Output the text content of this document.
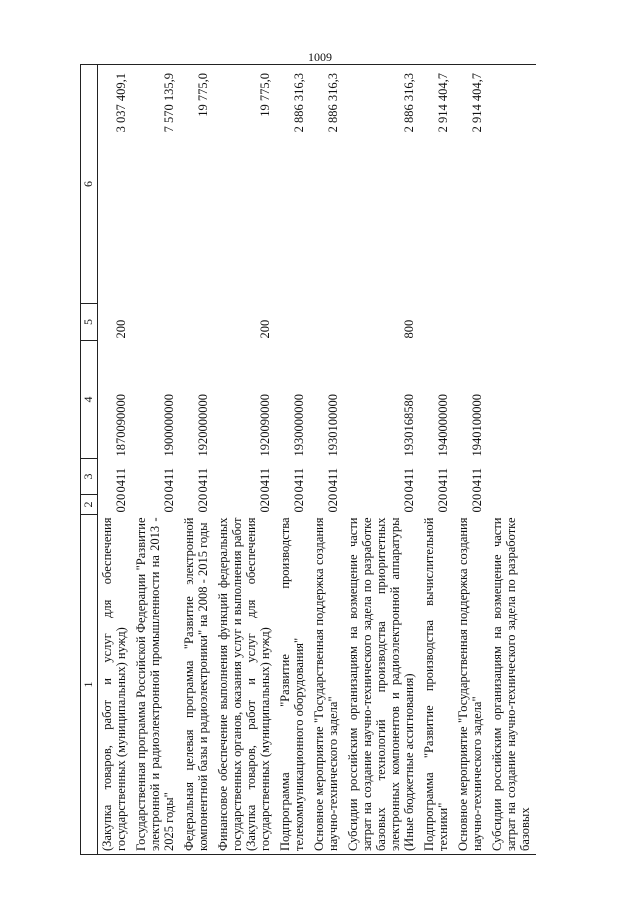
1009
1	2	3	4	5	6
(Закупка товаров, работ и услуг для обеспечения государственных (муниципальных) нужд)	020	0411	1870090000	200	3 037 409,1
Государственная программа Российской Федерации "Развитие электронной и радиоэлектронной промышленности на 2013 - 2025 годы"	020	0411	1900000000		7 570 135,9
Федеральная целевая программа "Развитие электронной компонентной базы и радиоэлектроники" на 2008 - 2015 годы	020	0411	1920000000		19 775,0
Финансовое обеспечение выполнения функций федеральных государственных органов, оказания услуг и выполнения работ (Закупка товаров, работ и услуг для обеспечения государственных (муниципальных) нужд)	020	0411	1920090000	200	19 775,0
Подпрограмма "Развитие производства телекоммуникационного оборудования"	020	0411	1930000000		2 886 316,3
Основное мероприятие "Государственная поддержка создания научно-технического задела"	020	0411	1930100000		2 886 316,3
Субсидии российским организациям на возмещение части затрат на создание научно-технического задела по разработке базовых технологий производства приоритетных электронных компонентов и радиоэлектронной аппаратуры (Иные бюджетные ассигнования)	020	0411	1930168580	800	2 886 316,3
Подпрограмма "Развитие производства вычислительной техники"	020	0411	1940000000		2 914 404,7
Основное мероприятие "Государственная поддержка создания научно-технического задела"	020	0411	1940100000		2 914 404,7
Субсидии российским организациям на возмещение части затрат на создание научно-технического задела по разработке базовых					
